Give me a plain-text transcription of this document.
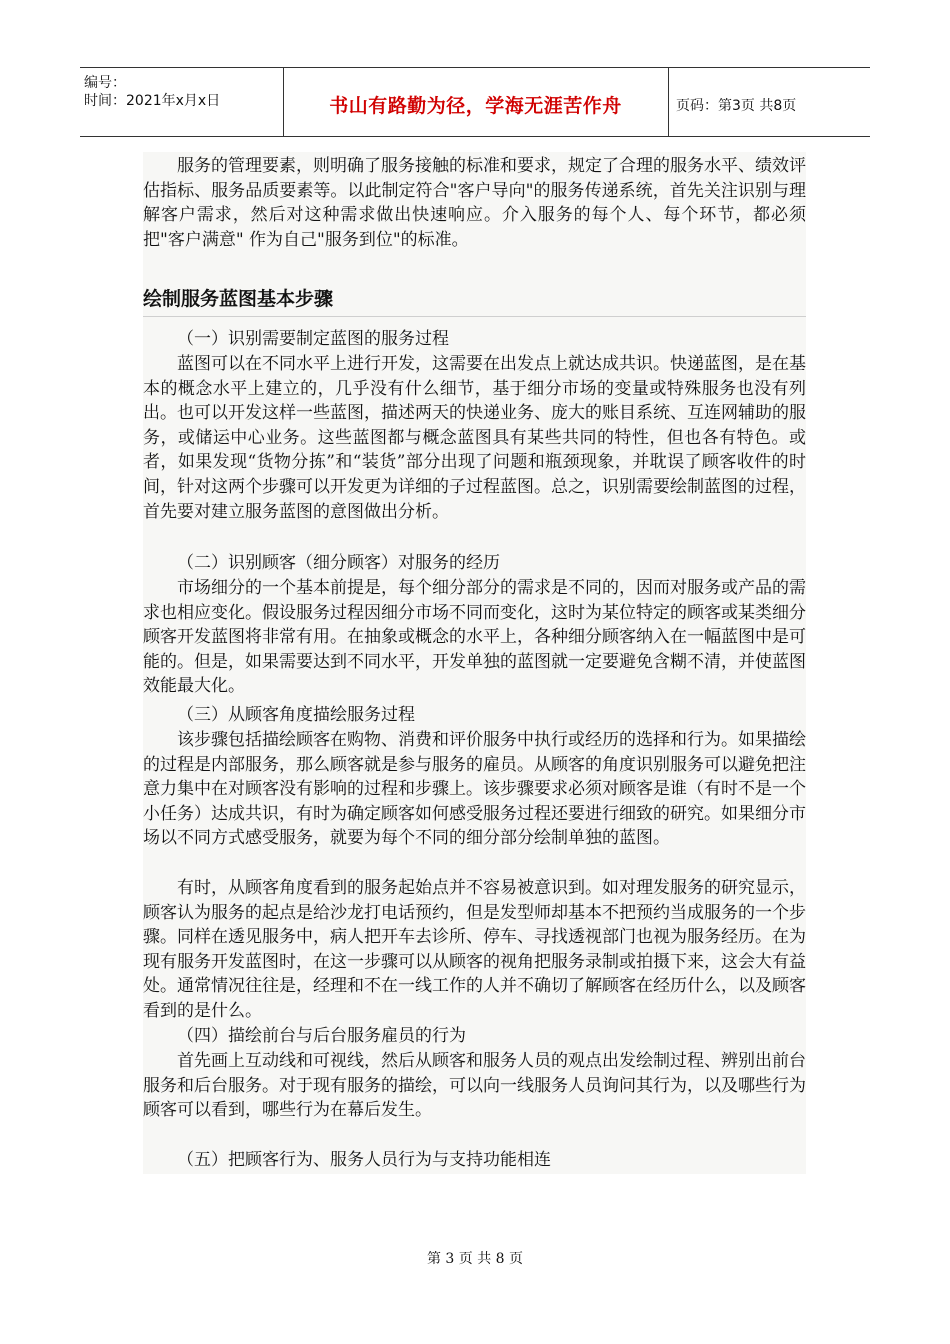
编号：
时间：2021年x月x日	书山有路勤为径，学海无涯苦作舟	页码：第3页 共8页

服务的管理要素，则明确了服务接触的标准和要求，规定了合理的服务水平、绩效评估指标、服务品质要素等。以此制定符合"客户导向"的服务传递系统，首先关注识别与理解客户需求，然后对这种需求做出快速响应。介入服务的每个人、每个环节，都必须把"客户满意" 作为自己"服务到位"的标准。

绘制服务蓝图基本步骤

（一）识别需要制定蓝图的服务过程

蓝图可以在不同水平上进行开发，这需要在出发点上就达成共识。快递蓝图，是在基本的概念水平上建立的，几乎没有什么细节，基于细分市场的变量或特殊服务也没有列出。也可以开发这样一些蓝图，描述两天的快递业务、庞大的账目系统、互连网辅助的服务，或储运中心业务。这些蓝图都与概念蓝图具有某些共同的特性，但也各有特色。或者，如果发现“货物分拣”和“装货”部分出现了问题和瓶颈现象，并耽误了顾客收件的时间，针对这两个步骤可以开发更为详细的子过程蓝图。总之，识别需要绘制蓝图的过程，首先要对建立服务蓝图的意图做出分析。

（二）识别顾客（细分顾客）对服务的经历

市场细分的一个基本前提是，每个细分部分的需求是不同的，因而对服务或产品的需求也相应变化。假设服务过程因细分市场不同而变化，这时为某位特定的顾客或某类细分顾客开发蓝图将非常有用。在抽象或概念的水平上，各种细分顾客纳入在一幅蓝图中是可能的。但是，如果需要达到不同水平，开发单独的蓝图就一定要避免含糊不清，并使蓝图效能最大化。

（三）从顾客角度描绘服务过程

该步骤包括描绘顾客在购物、消费和评价服务中执行或经历的选择和行为。如果描绘的过程是内部服务，那么顾客就是参与服务的雇员。从顾客的角度识别服务可以避免把注意力集中在对顾客没有影响的过程和步骤上。该步骤要求必须对顾客是谁（有时不是一个小任务）达成共识，有时为确定顾客如何感受服务过程还要进行细致的研究。如果细分市场以不同方式感受服务，就要为每个不同的细分部分绘制单独的蓝图。

有时，从顾客角度看到的服务起始点并不容易被意识到。如对理发服务的研究显示，顾客认为服务的起点是给沙龙打电话预约，但是发型师却基本不把预约当成服务的一个步骤。同样在透见服务中，病人把开车去诊所、停车、寻找透视部门也视为服务经历。在为现有服务开发蓝图时，在这一步骤可以从顾客的视角把服务录制或拍摄下来，这会大有益处。通常情况往往是，经理和不在一线工作的人并不确切了解顾客在经历什么，以及顾客看到的是什么。

（四）描绘前台与后台服务雇员的行为

首先画上互动线和可视线，然后从顾客和服务人员的观点出发绘制过程、辨别出前台服务和后台服务。对于现有服务的描绘，可以向一线服务人员询问其行为，以及哪些行为顾客可以看到，哪些行为在幕后发生。

（五）把顾客行为、服务人员行为与支持功能相连

第 3 页 共 8 页
